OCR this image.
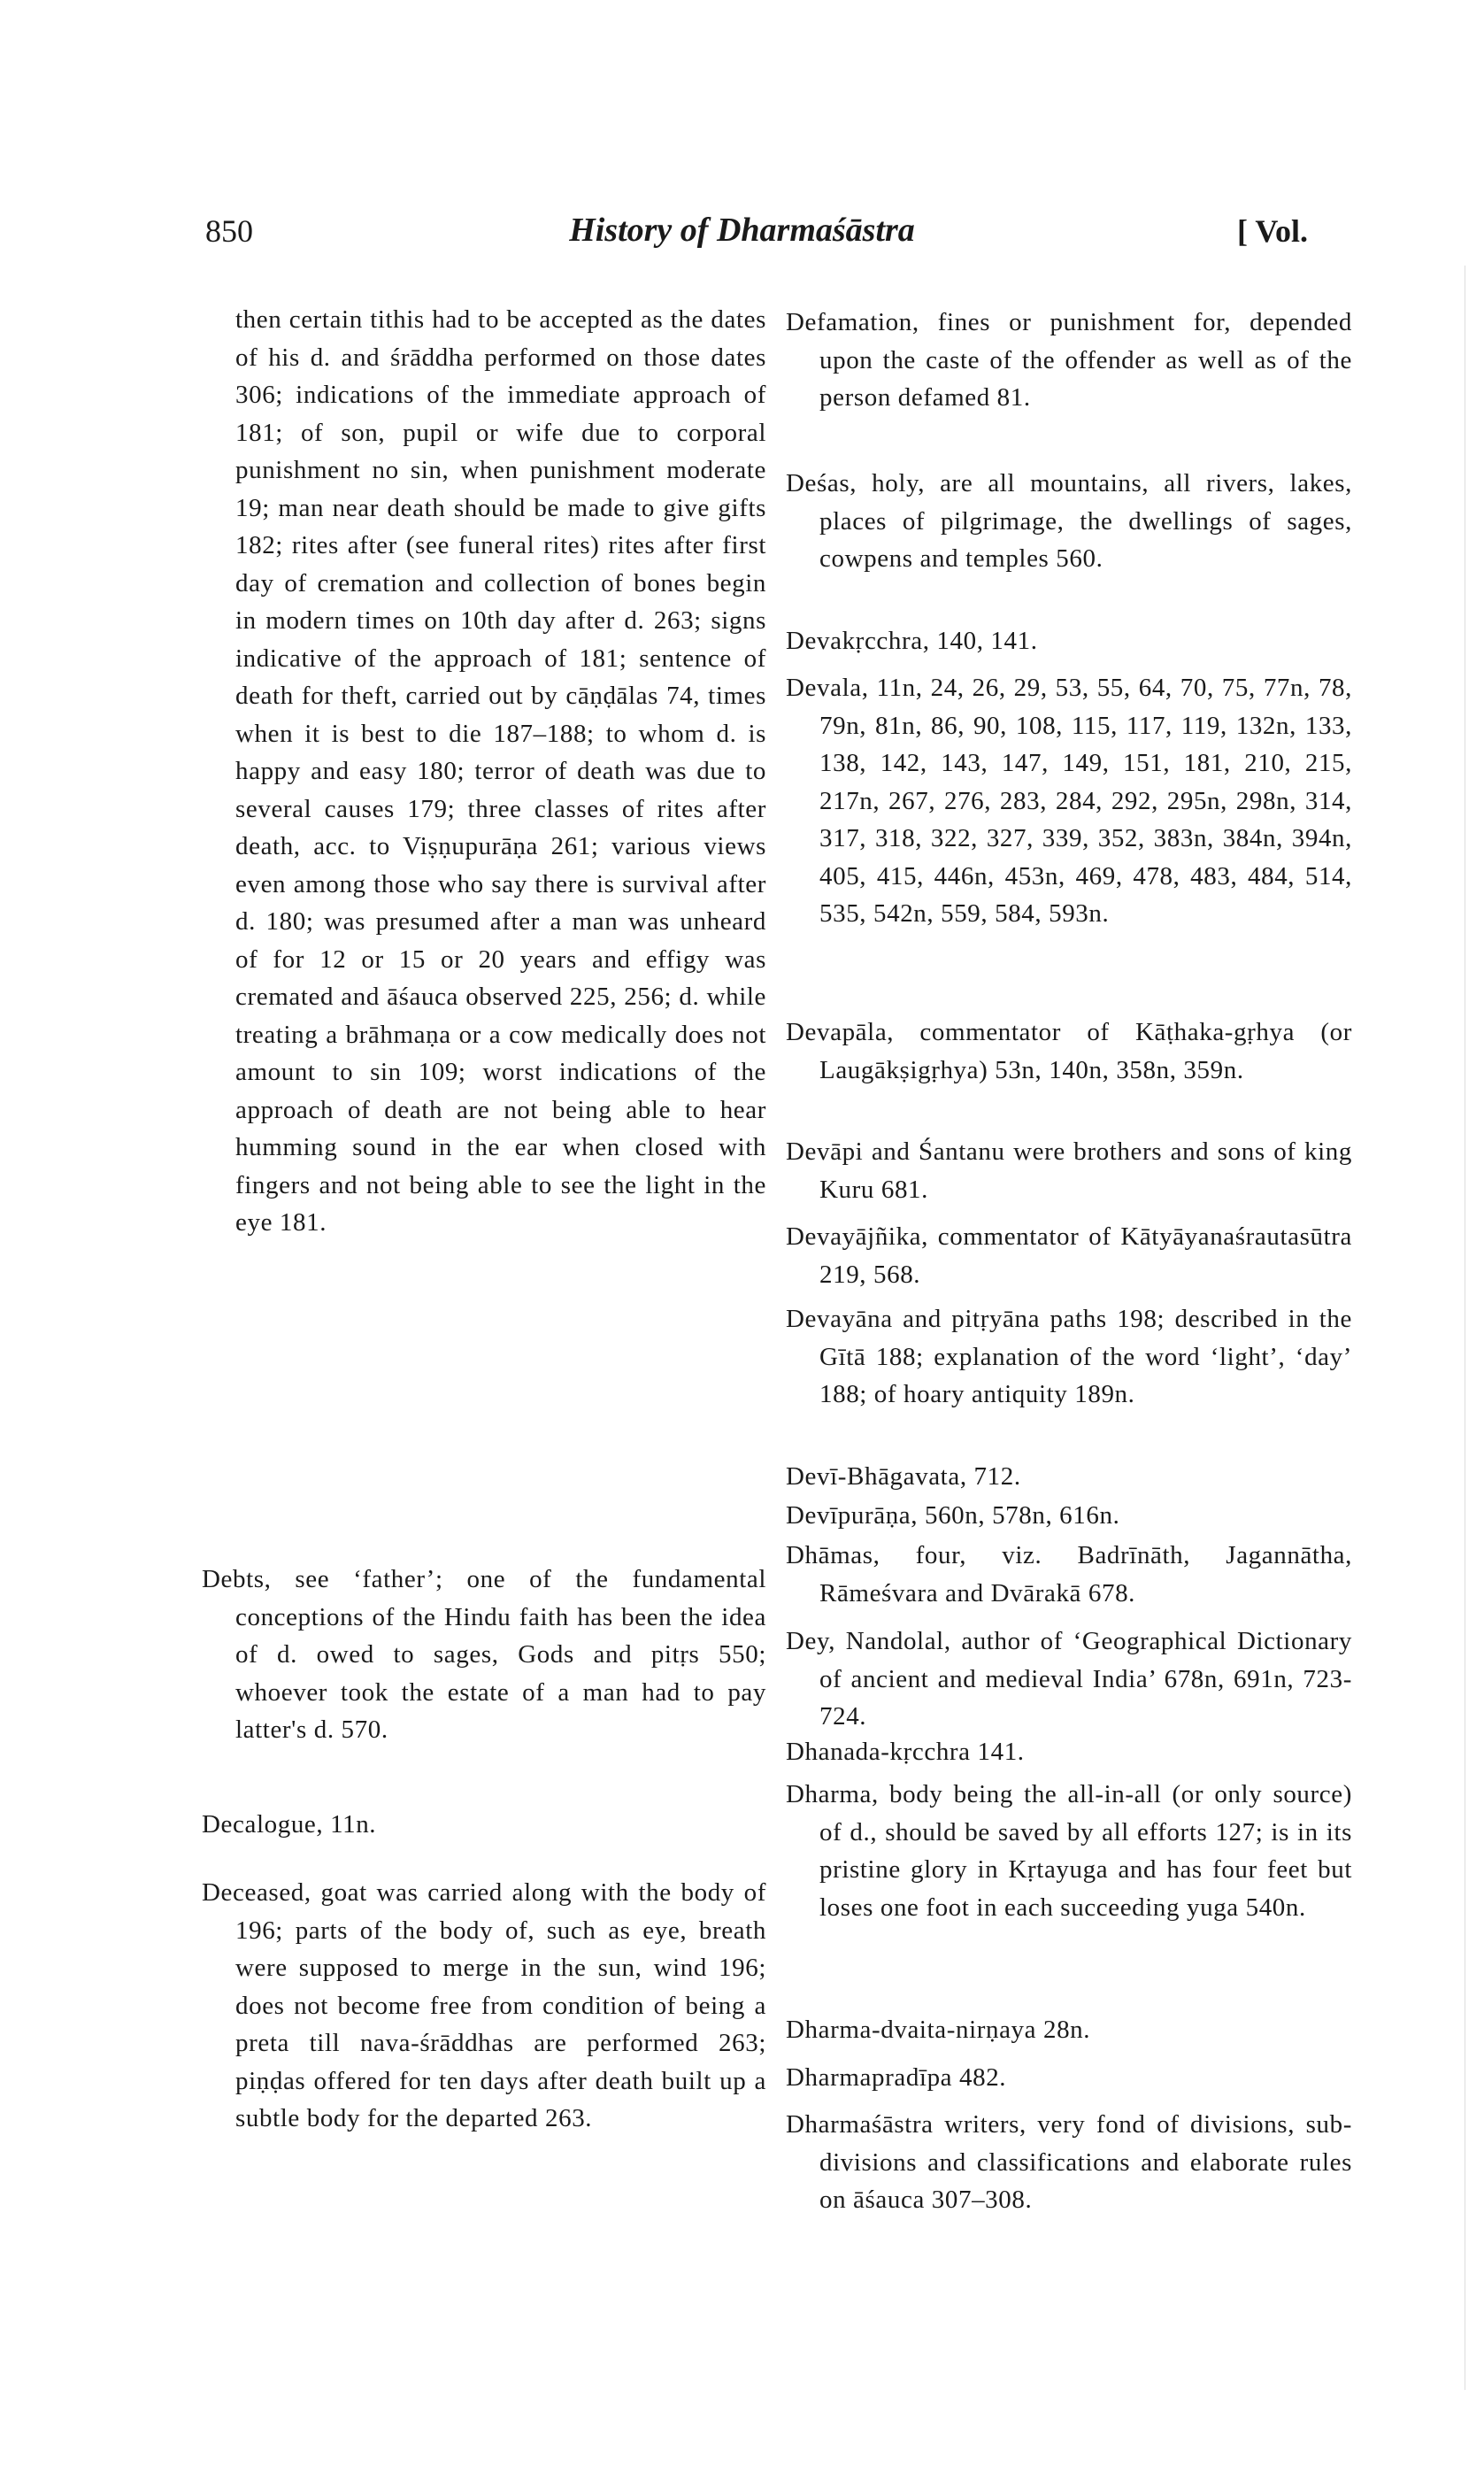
850	History of Dharmaśāstra	[ Vol.
then certain tithis had to be accepted as the dates of his d. and śrāddha performed on those dates 306; indications of the immediate approach of 181; of son, pupil or wife due to corporal punishment no sin, when punishment moderate 19; man near death should be made to give gifts 182; rites after (see funeral rites) rites after first day of cremation and collection of bones begin in modern times on 10th day after d. 263; signs indicative of the approach of 181; sentence of death for theft, carried out by cāṇḍālas 74, times when it is best to die 187–188; to whom d. is happy and easy 180; terror of death was due to several causes 179; three classes of rites after death, acc. to Viṣṇupurāṇa 261; various views even among those who say there is survival after d. 180; was presumed after a man was unheard of for 12 or 15 or 20 years and effigy was cremated and āśauca observed 225, 256; d. while treating a brāhmaṇa or a cow medically does not amount to sin 109; worst indications of the approach of death are not being able to hear humming sound in the ear when closed with fingers and not being able to see the light in the eye 181.
Debts, see ‘father’; one of the fundamental conceptions of the Hindu faith has been the idea of d. owed to sages, Gods and pitṛs 550; whoever took the estate of a man had to pay latter's d. 570.
Decalogue, 11n.
Deceased, goat was carried along with the body of 196; parts of the body of, such as eye, breath were supposed to merge in the sun, wind 196; does not become free from condition of being a preta till nava-śrāddhas are performed 263; piṇḍas offered for ten days after death built up a subtle body for the departed 263.
Defamation, fines or punishment for, depended upon the caste of the offender as well as of the person defamed 81.
Deśas, holy, are all mountains, all rivers, lakes, places of pilgrimage, the dwellings of sages, cowpens and temples 560.
Devakṛcchra, 140, 141.
Devala, 11n, 24, 26, 29, 53, 55, 64, 70, 75, 77n, 78, 79n, 81n, 86, 90, 108, 115, 117, 119, 132n, 133, 138, 142, 143, 147, 149, 151, 181, 210, 215, 217n, 267, 276, 283, 284, 292, 295n, 298n, 314, 317, 318, 322, 327, 339, 352, 383n, 384n, 394n, 405, 415, 446n, 453n, 469, 478, 483, 484, 514, 535, 542n, 559, 584, 593n.
Devapāla, commentator of Kāṭhaka-gṛhya (or Laugākṣigṛhya) 53n, 140n, 358n, 359n.
Devāpi and Śantanu were brothers and sons of king Kuru 681.
Devayājñika, commentator of Kātyāyanaśrautasūtra 219, 568.
Devayāna and pitṛyāna paths 198; described in the Gītā 188; explanation of the word ‘light’, ‘day’ 188; of hoary antiquity 189n.
Devī-Bhāgavata, 712.
Devīpurāṇa, 560n, 578n, 616n.
Dhāmas, four, viz. Badrīnāth, Jagannātha, Rāmeśvara and Dvārakā 678.
Dey, Nandolal, author of ‘Geographical Dictionary of ancient and medieval India’ 678n, 691n, 723-724.
Dhanada-kṛcchra 141.
Dharma, body being the all-in-all (or only source) of d., should be saved by all efforts 127; is in its pristine glory in Kṛtayuga and has four feet but loses one foot in each succeeding yuga 540n.
Dharma-dvaita-nirṇaya 28n.
Dharmapradīpa 482.
Dharmaśāstra writers, very fond of divisions, sub-divisions and classifications and elaborate rules on āśauca 307–308.
